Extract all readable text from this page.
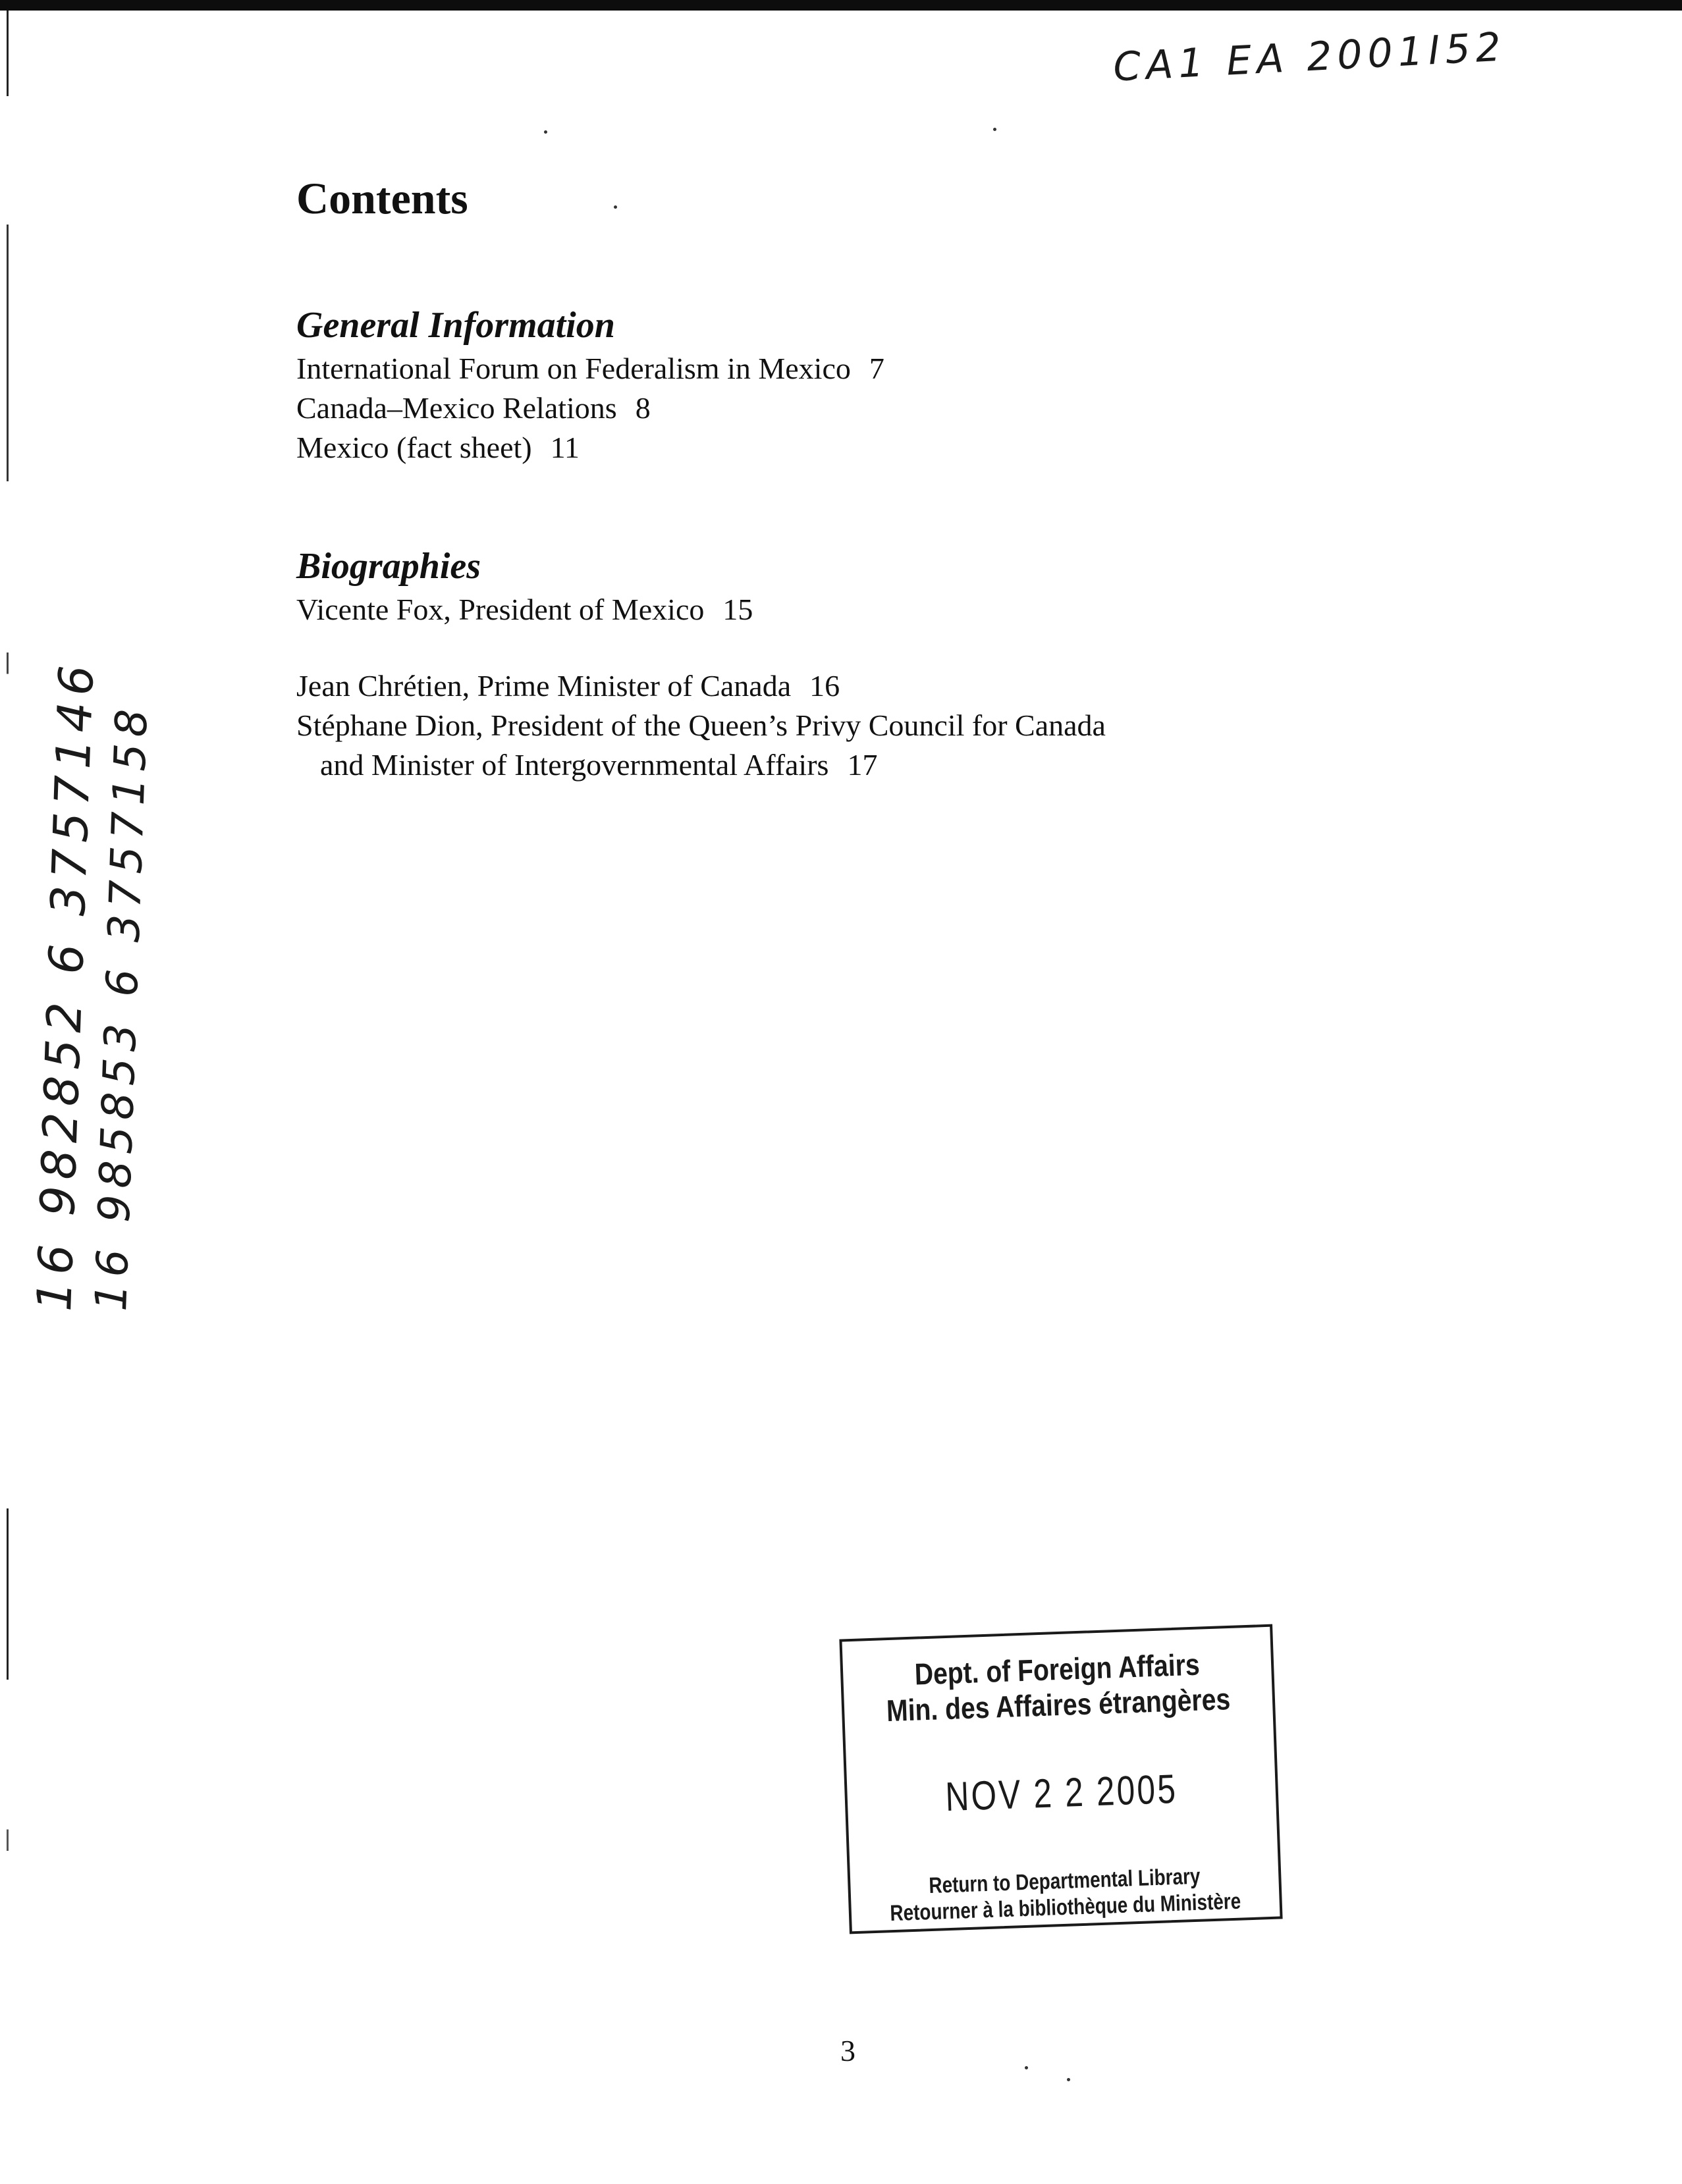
CA1 EA 2001I52
16 982852 6 3757146
16 985853 6 3757158
Contents
General Information
International Forum on Federalism in Mexico 7
Canada–Mexico Relations 8
Mexico (fact sheet) 11
Biographies
Vicente Fox, President of Mexico 15
Jean Chrétien, Prime Minister of Canada 16
Stéphane Dion, President of the Queen’s Privy Council for Canada
and Minister of Intergovernmental Affairs 17
Dept. of Foreign Affairs
Min. des Affaires étrangères
NOV 2 2 2005
Return to Departmental Library
Retourner à la bibliothèque du Ministère
3
